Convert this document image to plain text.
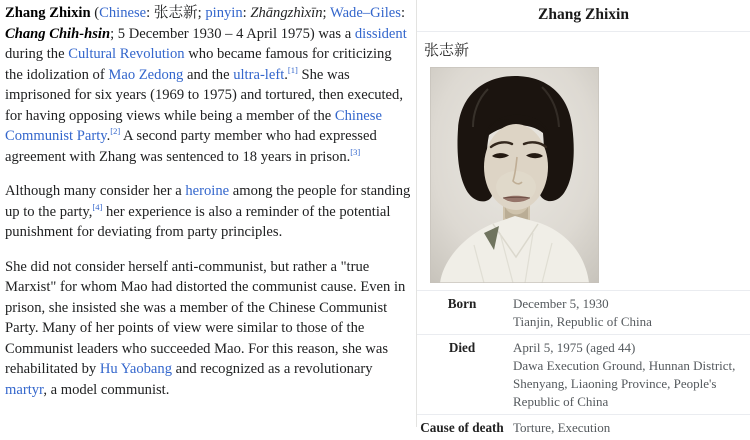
Zhang Zhixin (Chinese: 张志新; pinyin: Zhāngzhìxīn; Wade–Giles: Chang Chih-hsin; 5 December 1930 – 4 April 1975) was a dissident during the Cultural Revolution who became famous for criticizing the idolization of Mao Zedong and the ultra-left.[1] She was imprisoned for six years (1969 to 1975) and tortured, then executed, for having opposing views while being a member of the Chinese Communist Party.[2] A second party member who had expressed agreement with Zhang was sentenced to 18 years in prison.[3]

Although many consider her a heroine among the people for standing up to the party,[4] her experience is also a reminder of the potential punishment for deviating from party principles.

She did not consider herself anti-communist, but rather a "true Marxist" for whom Mao had distorted the communist cause. Even in prison, she insisted she was a member of the Chinese Communist Party. Many of her points of view were similar to those of the Communist leaders who succeeded Mao. For this reason, she was rehabilitated by Hu Yaobang and recognized as a revolutionary martyr, a model communist.

Zhang Zhixin
张志新
Born	December 5, 1930
Tianjin, Republic of China
Died	April 5, 1975 (aged 44)
Dawa Execution Ground, Hunnan District, Shenyang, Liaoning Province, People's Republic of China
Cause of death Torture, Execution
